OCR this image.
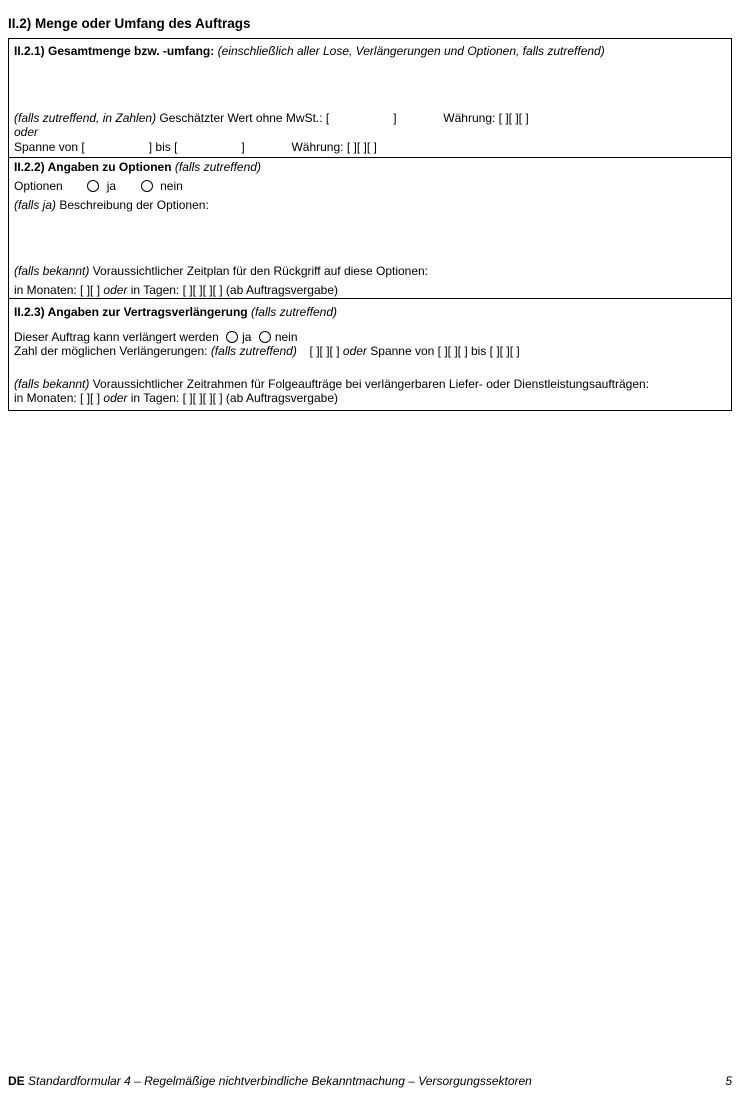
II.2) Menge oder Umfang des Auftrags
II.2.1) Gesamtmenge bzw. -umfang: (einschließlich aller Lose, Verlängerungen und Optionen, falls zutreffend)
(falls zutreffend, in Zahlen) Geschätzter Wert ohne MwSt.: [	]	Währung: [ ][ ][ ]
oder
Spanne von [	] bis [	]	Währung: [ ][ ][ ]
II.2.2) Angaben zu Optionen (falls zutreffend)
Optionen	ja	nein
(falls ja) Beschreibung der Optionen:
(falls bekannt) Voraussichtlicher Zeitplan für den Rückgriff auf diese Optionen:
in Monaten: [ ][ ] oder in Tagen: [ ][ ][ ][ ] (ab Auftragsvergabe)
II.2.3) Angaben zur Vertragsverlängerung (falls zutreffend)
Dieser Auftrag kann verlängert werden ja nein
Zahl der möglichen Verlängerungen: (falls zutreffend) [ ][ ][ ] oder Spanne von [ ][ ][ ] bis [ ][ ][ ]
(falls bekannt) Voraussichtlicher Zeitrahmen für Folgeaufträge bei verlängerbaren Liefer- oder Dienstleistungsaufträgen:
in Monaten: [ ][ ] oder in Tagen: [ ][ ][ ][ ] (ab Auftragsvergabe)
DE Standardformular 4 – Regelmäßige nichtverbindliche Bekanntmachung – Versorgungssektoren	5
